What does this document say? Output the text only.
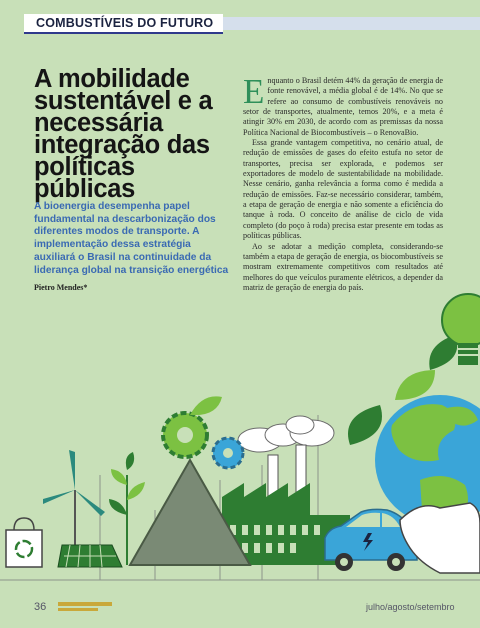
COMBUSTÍVEIS DO FUTURO
A mobilidade sustentável e a necessária integração das políticas públicas

A bioenergia desempenha papel fundamental na descarbonização dos diferentes modos de transporte. A implementação dessa estratégia auxiliará o Brasil na continuidade da liderança global na transição energética

Pietro Mendes*

Enquanto o Brasil detém 44% da geração de energia de fonte renovável, a média global é de 14%. No que se refere ao consumo de combustíveis renováveis no setor de transportes, atualmente, temos 20%, e a meta é atingir 30% em 2030, de acordo com as premissas da nossa Política Nacional de Biocombustíveis – o RenovaBio.

Essa grande vantagem competitiva, no cenário atual, de redução de emissões de gases do efeito estufa no setor de transportes, precisa ser explorada, e podemos ser exportadores de modelo de sustentabilidade na mobilidade. Nesse cenário, ganha relevância a forma como é medida a redução de emissões. Faz-se necessário considerar, também, a etapa de geração de energia e não somente a eficiência do tanque à roda. O conceito de análise de ciclo de vida completo (do poço à roda) precisa estar presente em todas as políticas públicas.

Ao se adotar a medição completa, considerando-se também a etapa de geração de energia, os biocombustíveis se mostram extremamente competitivos com resultados até melhores do que veículos puramente elétricos, a depender da matriz de geração de energia do país.

36	julho/agosto/setembro
